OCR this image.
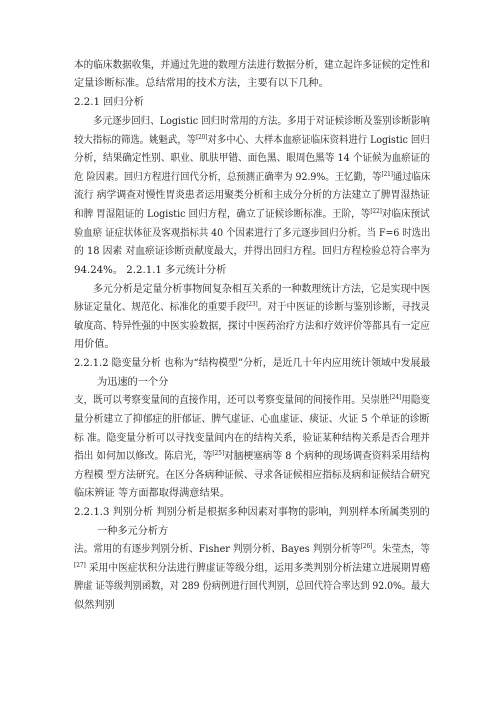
本的临床数据收集，并通过先进的数理方法进行数据分析，建立起许多证候的定性和
定量诊断标准。总结常用的技术方法，主要有以下几种。
2.2.1 回归分析
多元逐步回归、Logistic 回归时常用的方法。多用于对证候诊断及鉴别诊断影响
较大指标的筛选。姚魁武，等[20]对多中心、大样本血瘀证临床资料进行 Logistic 回归
分析，结果确定性别、职业、肌肤甲错、面色黑、眼周色黑等 14 个证候为血瘀证的
危 险因素。回归方程进行回代分析，总预测正确率为 92.9%。王忆勤，等[21]通过临床
流行 病学调查对慢性胃炎患者运用聚类分析和主成分分析的方法建立了脾胃湿热证
和脾 胃湿阻证的 Logistic 回归方程，确立了证候诊断标准。王阶，等[22]对临床预试
验血瘀 证症状体征及客观指标共 40 个因素进行了多元逐步回归分析。当 F=6 时选出
的 18 因素 对血瘀证诊断贡献度最大，并得出回归方程。回归方程检验总符合率为
94.24%。 2.2.1.1 多元统计分析
多元分析是定量分析事物间复杂相互关系的一种数理统计方法，它是实现中医
脉证定量化、规范化、标准化的重要手段[23]。对于中医证的诊断与鉴别诊断，寻找灵
敏度高、特异性强的中医实验数据，探讨中医药治疗方法和疗效评价等都具有一定应
用价值。
2.2.1.2 隐变量分析 也称为“结构模型”分析，是近几十年内应用统计领域中发展最
为迅速的一个分
支，既可以考察变量间的直接作用，还可以考察变量间的间接作用。吴崇胜[24]用隐变
量分析建立了抑郁症的肝郁证、脾气虚证、心血虚证、痰证、火证 5 个单证的诊断
标 准。隐变量分析可以寻找变量间内在的结构关系，验证某种结构关系是否合理并
指出 如何加以修改。陈启光，等[25]对脑梗塞病等 8 个病种的现场调查资料采用结构
方程模 型方法研究。在区分各病种证候、寻求各证候相应指标及病和证候结合研究
临床辨证 等方面都取得满意结果。
2.2.1.3 判别分析 判别分析是根据多种因素对事物的影响，判别样本所属类别的
一种多元分析方
法。常用的有逐步判别分析、Fisher 判别分析、Bayes 判别分析等[26]。朱莹杰，等
[27] 采用中医症状积分法进行脾虚证等级分组，运用多类判别分析法建立进展期胃癌
脾虚 证等级判别函数，对 289 份病例进行回代判别，总回代符合率达到 92.0%。最大
似然判别
